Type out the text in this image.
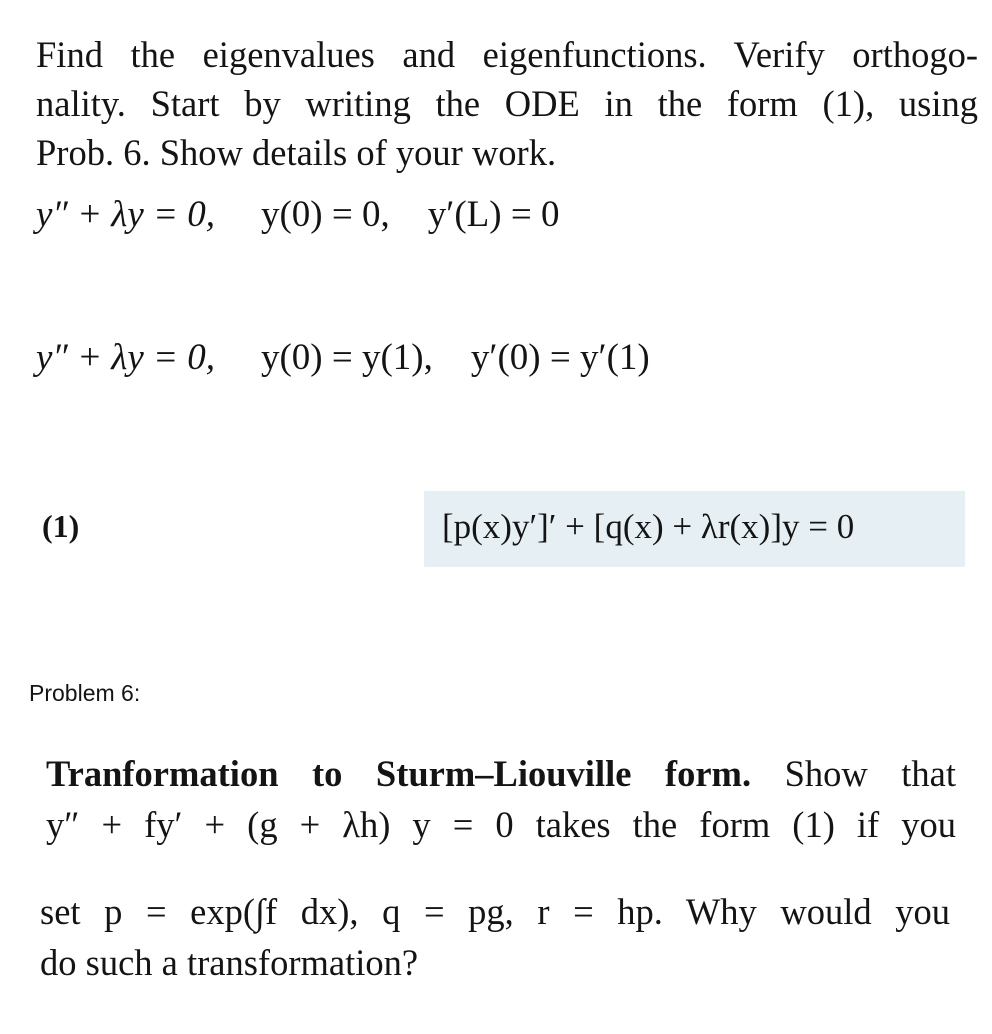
Find the eigenvalues and eigenfunctions. Verify orthogo-
nality. Start by writing the ODE in the form (1), using
Prob. 6. Show details of your work.
y″ + λy = 0, y(0) = 0, y′(L) = 0
y″ + λy = 0, y(0) = y(1), y′(0) = y′(1)
(1)	[p(x)y′]′ + [q(x) + λr(x)]y = 0
Problem 6:
Tranformation to Sturm–Liouville form. Show that
y″ + fy′ + (g + λh) y = 0 takes the form (1) if you
set p = exp(∫f dx), q = pg, r = hp. Why would you
do such a transformation?
